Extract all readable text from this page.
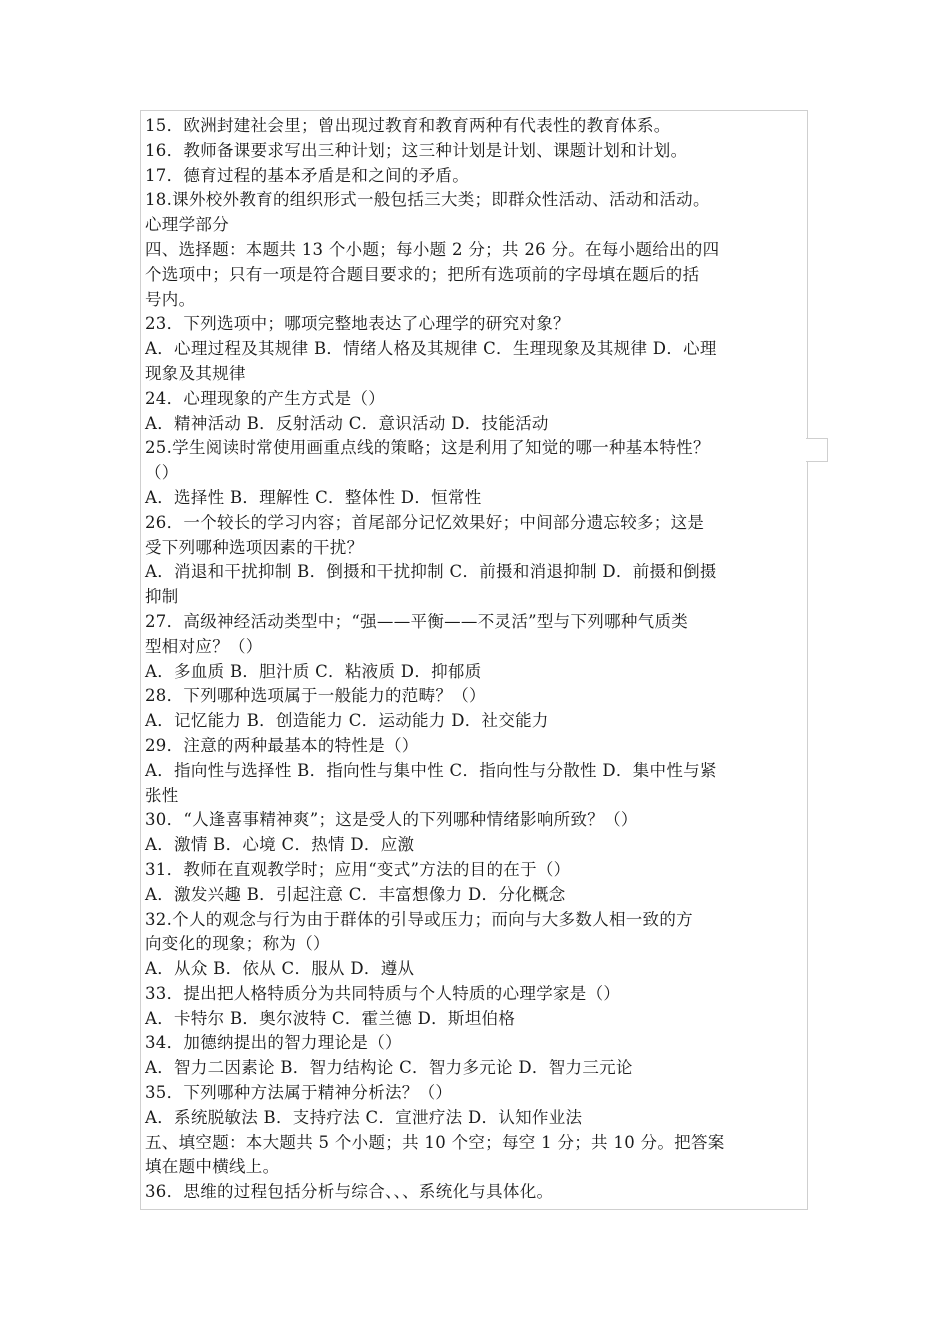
15．欧洲封建社会里；曾出现过教育和教育两种有代表性的教育体系。
16．教师备课要求写出三种计划；这三种计划是计划、课题计划和计划。
17．德育过程的基本矛盾是和之间的矛盾。
18.课外校外教育的组织形式一般包括三大类；即群众性活动、活动和活动。
心理学部分
四、选择题：本题共 13 个小题；每小题 2 分；共 26 分。在每小题给出的四
个选项中；只有一项是符合题目要求的；把所有选项前的字母填在题后的括
号内。
23．下列选项中；哪项完整地表达了心理学的研究对象？
A．心理过程及其规律 B．情绪人格及其规律 C．生理现象及其规律 D．心理
现象及其规律
24．心理现象的产生方式是（）
A．精神活动 B．反射活动 C．意识活动 D．技能活动
25.学生阅读时常使用画重点线的策略；这是利用了知觉的哪一种基本特性？
（）
A．选择性 B．理解性 C．整体性 D．恒常性
26．一个较长的学习内容；首尾部分记忆效果好；中间部分遗忘较多；这是
受下列哪种选项因素的干扰？
A．消退和干扰抑制 B．倒摄和干扰抑制 C．前摄和消退抑制 D．前摄和倒摄
抑制
27．高级神经活动类型中；“强——平衡——不灵活”型与下列哪种气质类
型相对应？（）
A．多血质 B．胆汁质 C．粘液质 D．抑郁质
28．下列哪种选项属于一般能力的范畴？（）
A．记忆能力 B．创造能力 C．运动能力 D．社交能力
29．注意的两种最基本的特性是（）
A．指向性与选择性 B．指向性与集中性 C．指向性与分散性 D．集中性与紧
张性
30．“人逢喜事精神爽”；这是受人的下列哪种情绪影响所致？（）
A．激情 B．心境 C．热情 D．应激
31．教师在直观教学时；应用“变式”方法的目的在于（）
A．激发兴趣 B．引起注意 C．丰富想像力 D．分化概念
32.个人的观念与行为由于群体的引导或压力；而向与大多数人相一致的方
向变化的现象；称为（）
A．从众 B．依从 C．服从 D．遵从
33．提出把人格特质分为共同特质与个人特质的心理学家是（）
A．卡特尔 B．奥尔波特 C．霍兰德 D．斯坦伯格
34．加德纳提出的智力理论是（）
A．智力二因素论 B．智力结构论 C．智力多元论 D．智力三元论
35．下列哪种方法属于精神分析法？（）
A．系统脱敏法 B．支持疗法 C．宣泄疗法 D．认知作业法
五、填空题：本大题共 5 个小题；共 10 个空；每空 1 分；共 10 分。把答案
填在题中横线上。
36．思维的过程包括分析与综合、、、系统化与具体化。
